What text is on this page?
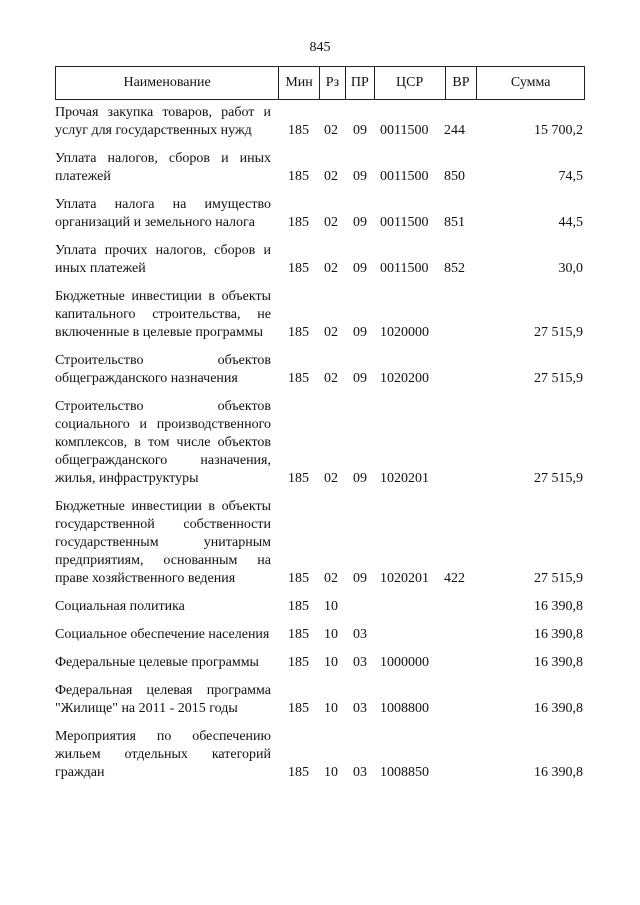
845
Наименование	Мин Рз ПР	ЦСР	ВР	Сумма
Прочая закупка товаров, работ и услуг для государственных нужд	185 02 09 0011500 244	15 700,2
Уплата налогов, сборов и иных платежей	185 02 09 0011500 850	74,5
Уплата налога на имущество организаций и земельного налога	185 02 09 0011500 851	44,5
Уплата прочих налогов, сборов и иных платежей	185 02 09 0011500 852	30,0
Бюджетные инвестиции в объекты капитального строительства, не включенные в целевые программы	185 02 09 1020000	27 515,9
Строительство объектов общегражданского назначения	185 02 09 1020200	27 515,9
Строительство объектов социального и производственного комплексов, в том числе объектов общегражданского назначения, жилья, инфраструктуры	185 02 09 1020201	27 515,9
Бюджетные инвестиции в объекты государственной собственности государственным унитарным предприятиям, основанным на праве хозяйственного ведения	185 02 09 1020201 422	27 515,9
Социальная политика	185 10	16 390,8
Социальное обеспечение населения 185 10 03	16 390,8
Федеральные целевые программы	185 10 03 1000000	16 390,8
Федеральная целевая программа "Жилище" на 2011 - 2015 годы	185 10 03 1008800	16 390,8
Мероприятия по обеспечению жильем отдельных категорий граждан	185 10 03 1008850	16 390,8
